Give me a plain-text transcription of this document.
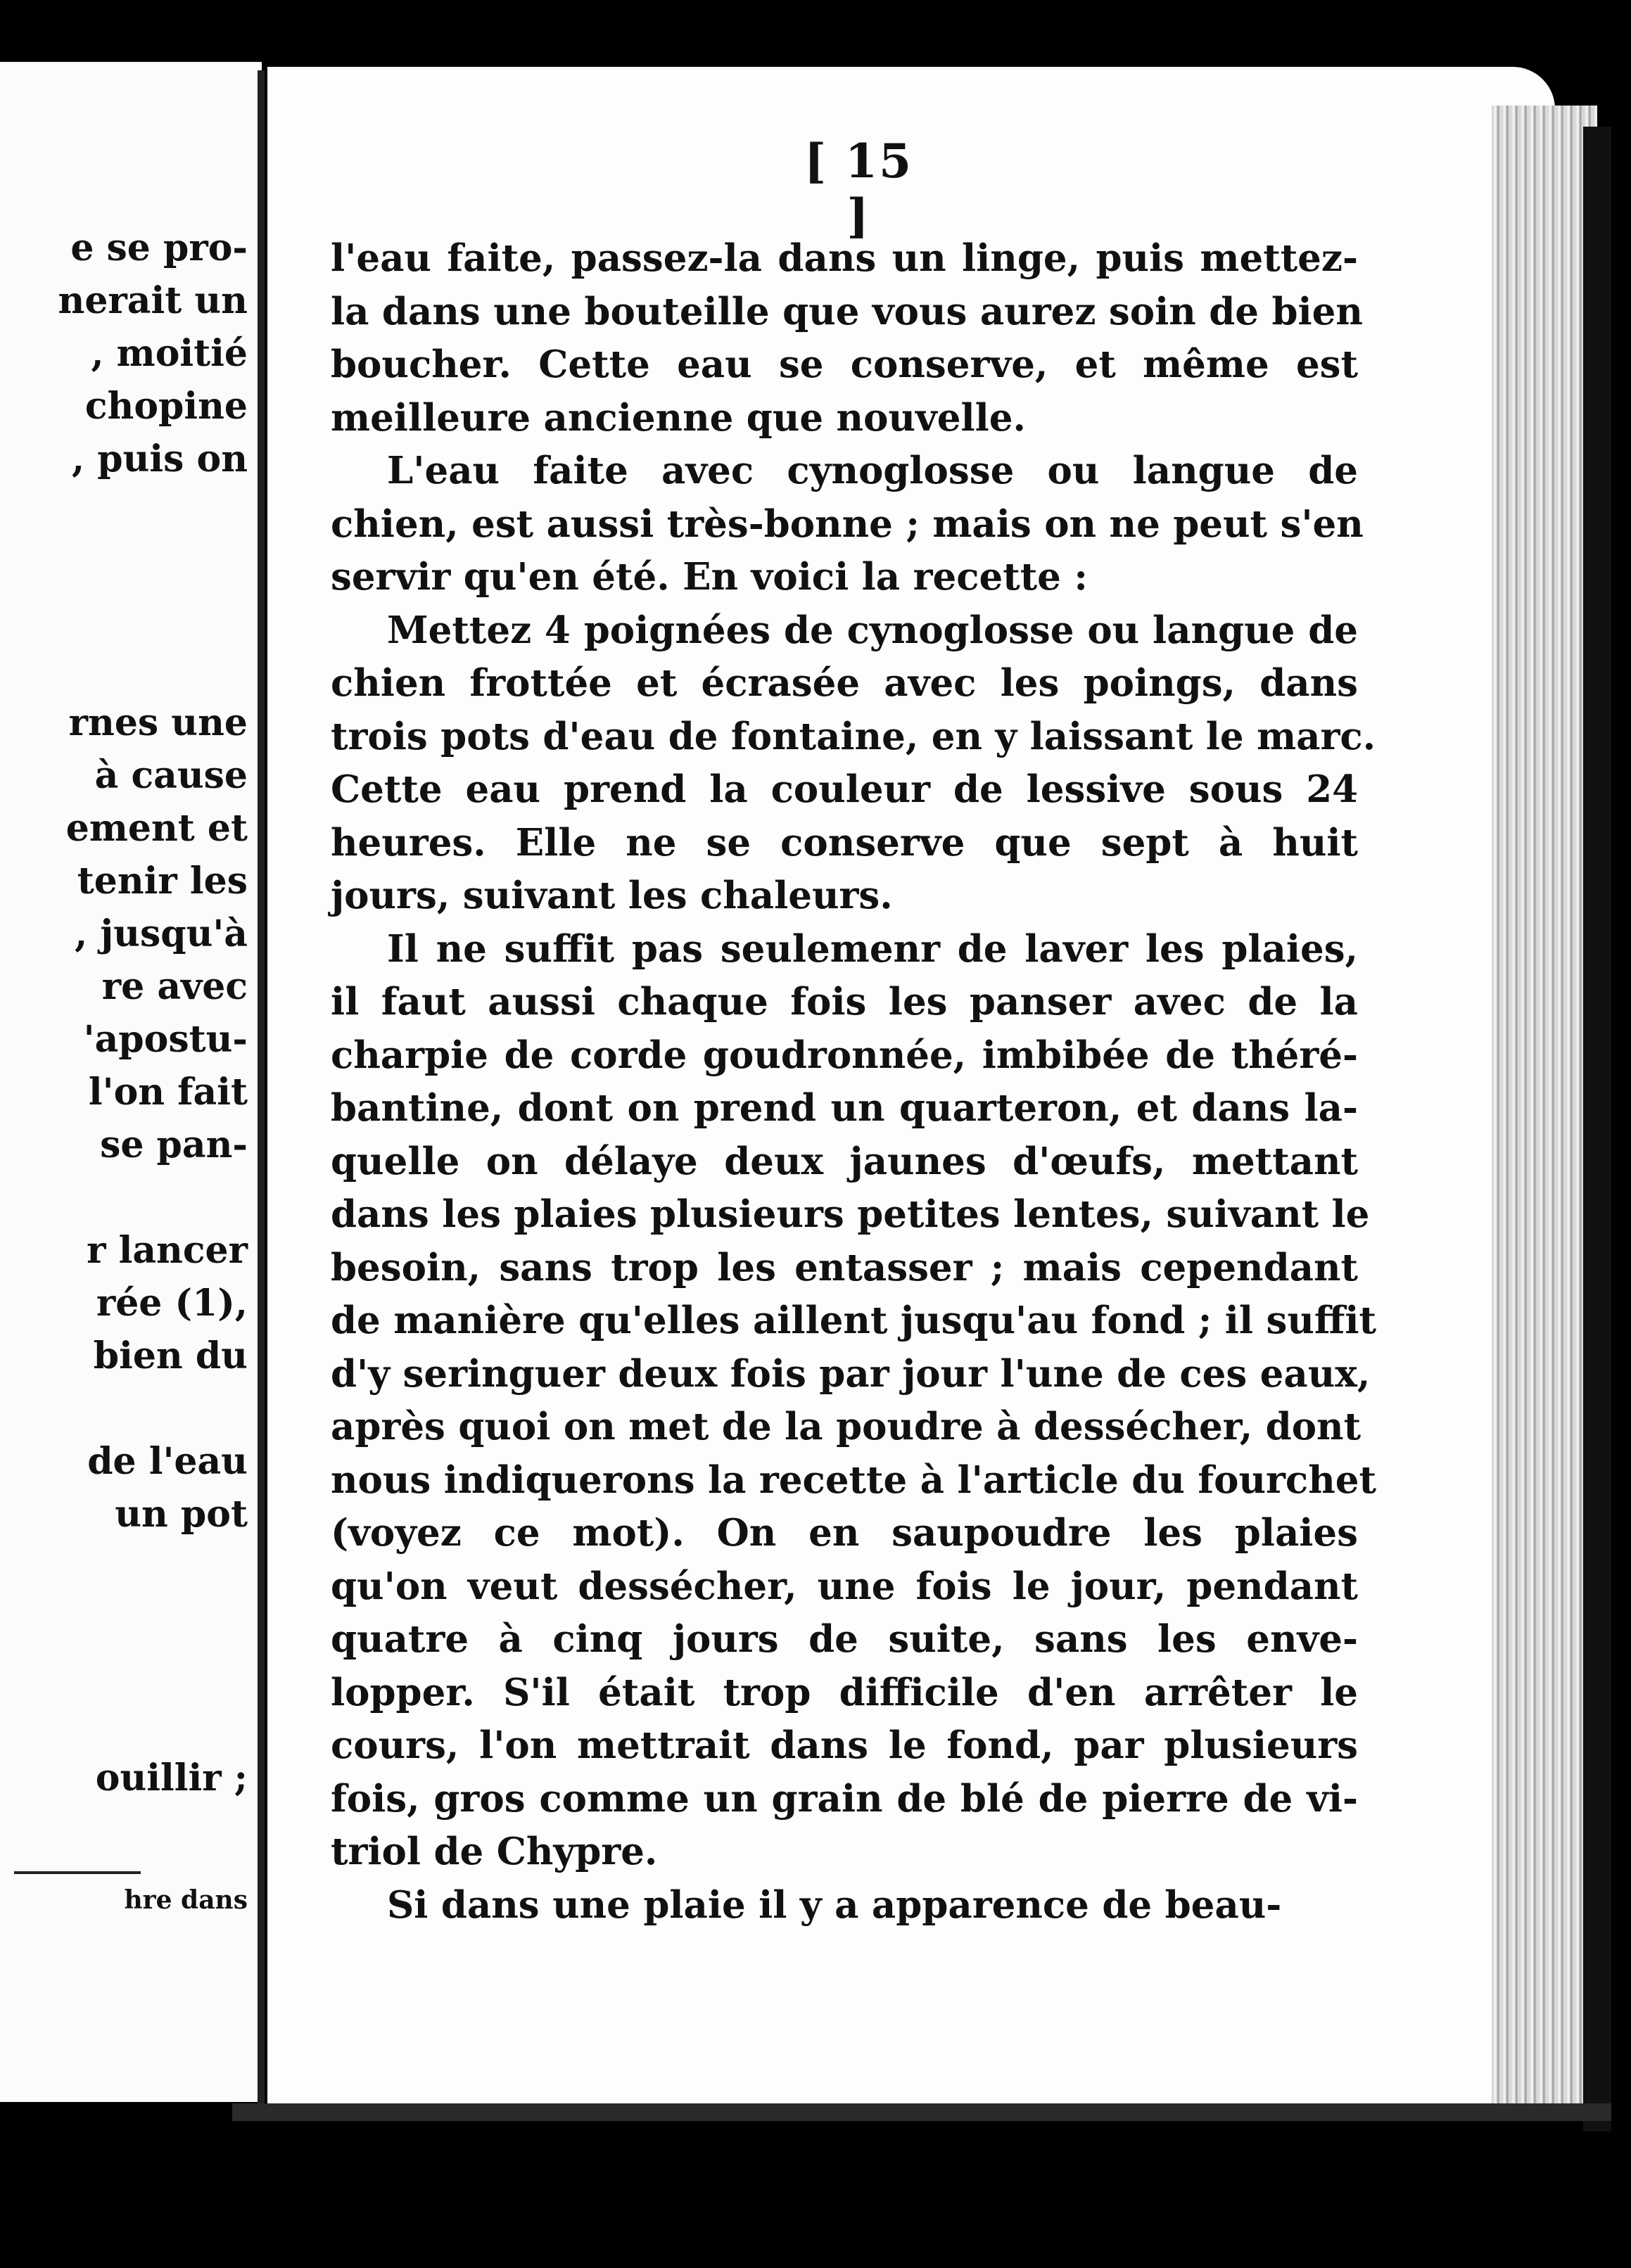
e se pro-
nerait un
, moitié
chopine
, puis on
rnes une
à cause
ement et
tenir les
, jusqu'à
re avec
'apostu-
l'on fait
se pan-
r lancer
rée (1),
bien du
de l'eau
un pot
ouillir ;
hre dans
[ 15 ]
l'eau faite, passez-la dans un linge, puis mettez-
la dans une bouteille que vous aurez soin de bien
boucher. Cette eau se conserve, et même est
meilleure ancienne que nouvelle.
L'eau faite avec cynoglosse ou langue de
chien, est aussi très-bonne ; mais on ne peut s'en
servir qu'en été. En voici la recette :
Mettez 4 poignées de cynoglosse ou langue de
chien frottée et écrasée avec les poings, dans
trois pots d'eau de fontaine, en y laissant le marc.
Cette eau prend la couleur de lessive sous 24
heures. Elle ne se conserve que sept à huit
jours, suivant les chaleurs.
Il ne suffit pas seulemenr de laver les plaies,
il faut aussi chaque fois les panser avec de la
charpie de corde goudronnée, imbibée de théré-
bantine, dont on prend un quarteron, et dans la-
quelle on délaye deux jaunes d'œufs, mettant
dans les plaies plusieurs petites lentes, suivant le
besoin, sans trop les entasser ; mais cependant
de manière qu'elles aillent jusqu'au fond ; il suffit
d'y seringuer deux fois par jour l'une de ces eaux,
après quoi on met de la poudre à dessécher, dont
nous indiquerons la recette à l'article du fourchet
(voyez ce mot). On en saupoudre les plaies
qu'on veut dessécher, une fois le jour, pendant
quatre à cinq jours de suite, sans les enve-
lopper. S'il était trop difficile d'en arrêter le
cours, l'on mettrait dans le fond, par plusieurs
fois, gros comme un grain de blé de pierre de vi-
triol de Chypre.
Si dans une plaie il y a apparence de beau-
